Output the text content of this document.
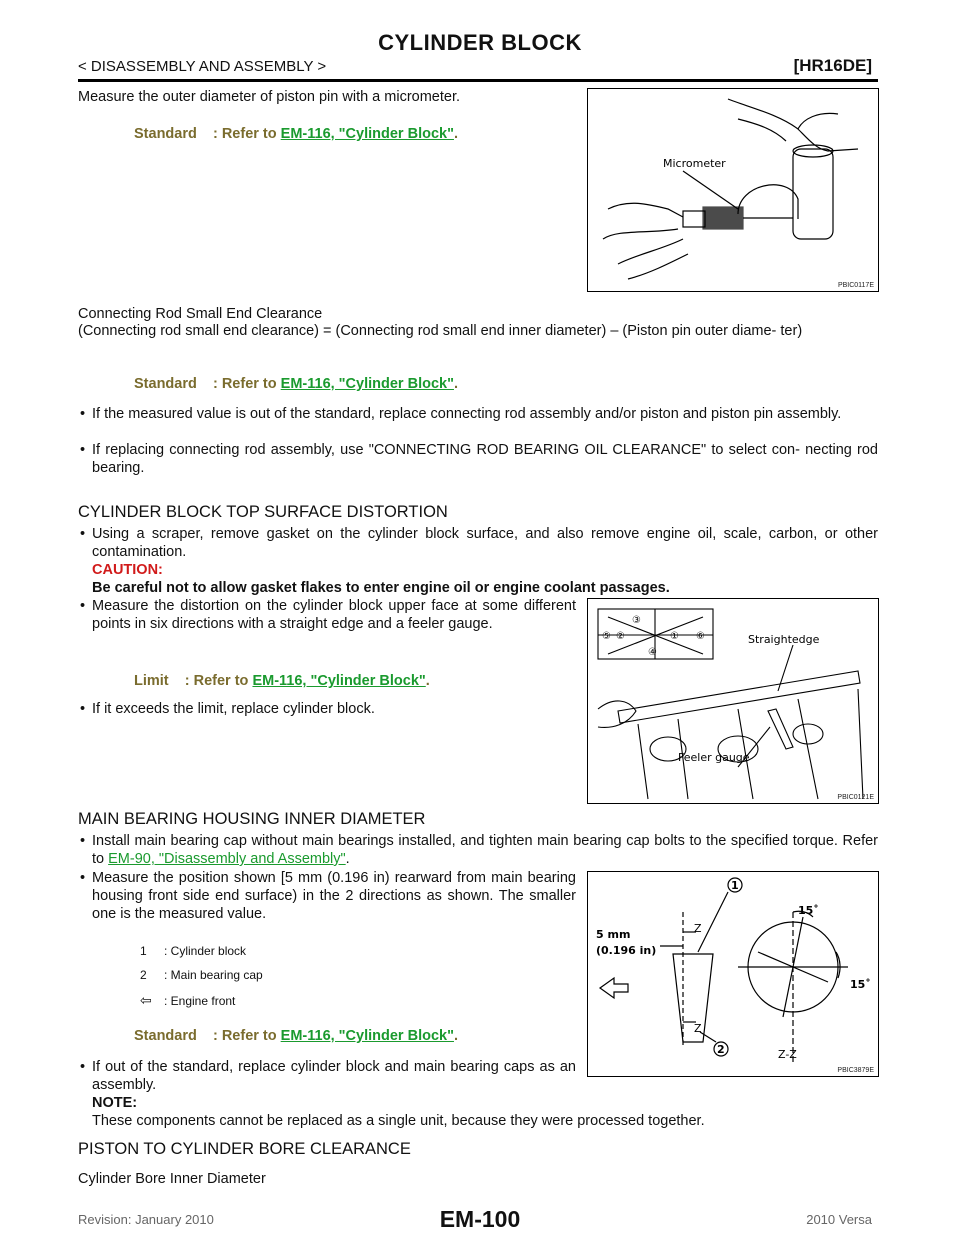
CYLINDER BLOCK
< DISASSEMBLY AND ASSEMBLY >	[HR16DE]
Measure the outer diameter of piston pin with a micrometer.
Standard : Refer to EM-116, "Cylinder Block".
Micrometer
PBIC0117E
Connecting Rod Small End Clearance
(Connecting rod small end clearance) = (Connecting rod small end inner diameter) – (Piston pin outer diame- ter)
Standard : Refer to EM-116, "Cylinder Block".
• If the measured value is out of the standard, replace connecting rod assembly and/or piston and piston pin assembly.
• If replacing connecting rod assembly, use "CONNECTING ROD BEARING OIL CLEARANCE" to select con- necting rod bearing.
CYLINDER BLOCK TOP SURFACE DISTORTION
• Using a scraper, remove gasket on the cylinder block surface, and also remove engine oil, scale, carbon, or other contamination.
CAUTION:
Be careful not to allow gasket flakes to enter engine oil or engine coolant passages.
• Measure the distortion on the cylinder block upper face at some different points in six directions with a straight edge and a feeler gauge.
Limit : Refer to EM-116, "Cylinder Block".
• If it exceeds the limit, replace cylinder block.
③
②
⑤	① ⑥
④
Straightedge
Feeler gauge
PBIC0121E
MAIN BEARING HOUSING INNER DIAMETER
• Install main bearing cap without main bearings installed, and tighten main bearing cap bolts to the specified torque. Refer to EM-90, "Disassembly and Assembly".
• Measure the position shown [5 mm (0.196 in) rearward from main bearing housing front side end surface) in the 2 directions as shown. The smaller one is the measured value.
1 : Cylinder block
2 : Main bearing cap
⇦ : Engine front
Standard : Refer to EM-116, "Cylinder Block".
• If out of the standard, replace cylinder block and main bearing caps as an assembly.
NOTE:
These components cannot be replaced as a single unit, because they were processed together.
1
2
5 mm
(0.196 in)
Z
Z
15˚
15˚
Z-Z
PBIC3879E
PISTON TO CYLINDER BORE CLEARANCE
Cylinder Bore Inner Diameter
Revision: January 2010	EM-100	2010 Versa
